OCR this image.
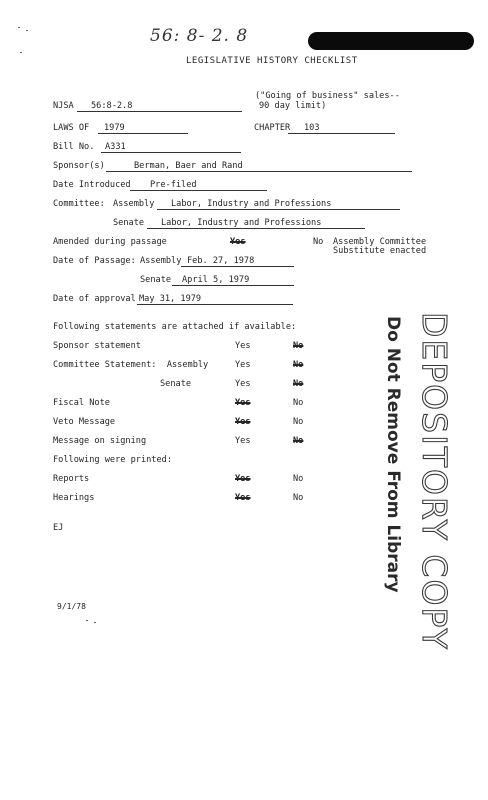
56: 8- 2. 8
LEGISLATIVE HISTORY CHECKLIST
NJSA	56:8-2.8
("Going of business" sales--
90 day limit)
LAWS OF	1979	CHAPTER	103
Bill No.	A331
Sponsor(s)	Berman, Baer and Rand
Date Introduced	Pre-filed
Committee: Assembly	Labor, Industry and Professions
Senate	Labor, Industry and Professions
Amended during passage	Yes	No Assembly Committee
Substitute enacted
Date of Passage: Assembly Feb. 27, 1978
Senate	April 5, 1979
Date of approval May 31, 1979
Following statements are attached if available:
Sponsor statement	Yes	No
Committee Statement:  Assembly	Yes	No
Senate	Yes	No
Fiscal Note	Yes	No
Veto Message	Yes	No
Message on signing	Yes	No
Following were printed:
Reports	Yes	No
Hearings	Yes	No
EJ
9/1/78	DEPOSITORY COPY
Do Not Remove From Library
